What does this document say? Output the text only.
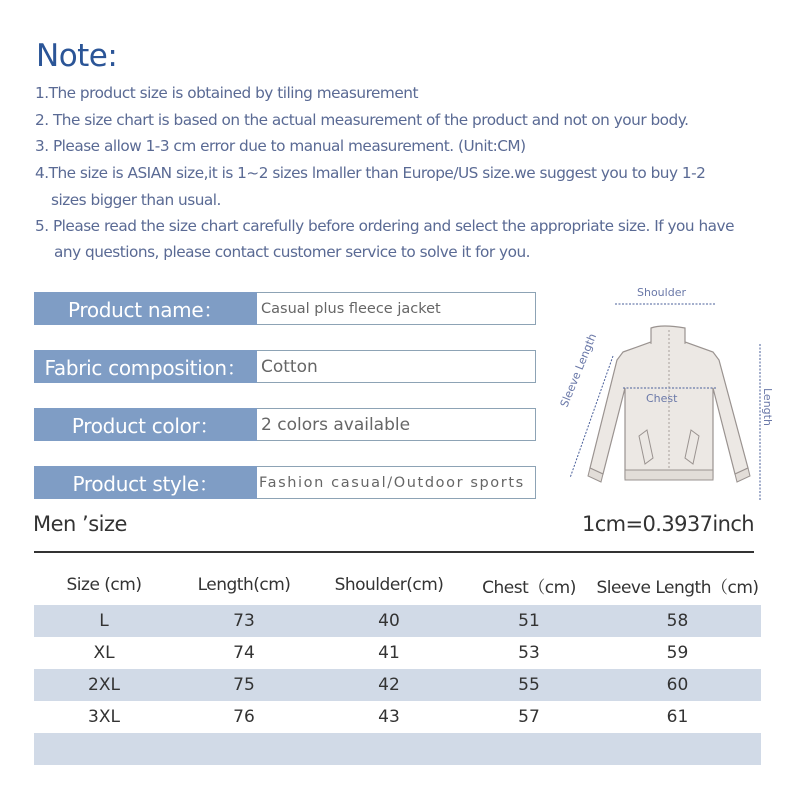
Note:
1.The product size is obtained by tiling measurement
2. The size chart is based on the actual measurement of the product and not on your body.
3. Please allow 1-3 cm error due to manual measurement. (Unit:CM)
4.The size is ASIAN size,it is 1~2 sizes lmaller than Europe/US size.we suggest you to buy 1-2
sizes bigger than usual.
5. Please read the size chart carefully before ordering and select the appropriate size. If you have
any questions, please contact customer service to solve it for you.
Product name：	Casual plus fleece jacket
Fabric composition： Cotton
Product color：	2 colors available
Product style：	Fashion casual/Outdoor sports
Shoulder
Chest
Sleeve Length	Length
Men ’size	1cm=0.3937inch
Size (cm)	Length(cm)	Shoulder(cm)	Chest（cm)	Sleeve Length（cm)
L	73	40	51	58
XL	74	41	53	59
2XL	75	42	55	60
3XL	76	43	57	61
